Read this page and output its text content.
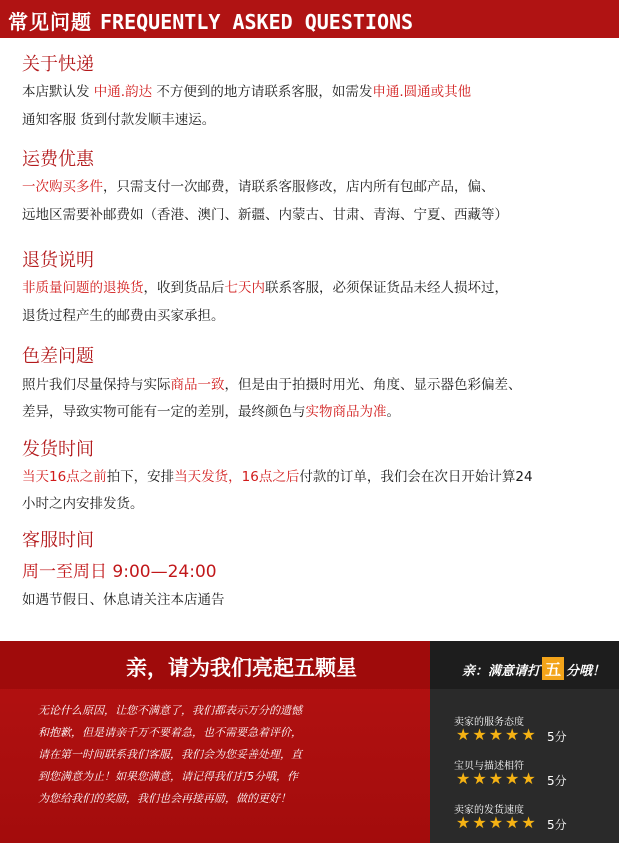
常见问题 FREQUENTLY ASKED QUESTIONS
关于快递
本店默认发 中通.韵达 不方便到的地方请联系客服，如需发申通.圆通或其他
通知客服 货到付款发顺丰速运。
运费优惠
一次购买多件，只需支付一次邮费，请联系客服修改，店内所有包邮产品，偏、
远地区需要补邮费如（香港、澳门、新疆、内蒙古、甘肃、青海、宁夏、西藏等）
退货说明
非质量问题的退换货，收到货品后七天内联系客服，必须保证货品未经人损坏过，
退货过程产生的邮费由买家承担。
色差问题
照片我们尽量保持与实际商品一致，但是由于拍摄时用光、角度、显示器色彩偏差、
差异，导致实物可能有一定的差别，最终颜色与实物商品为准。
发货时间
当天16点之前拍下，安排当天发货，16点之后付款的订单，我们会在次日开始计算24
小时之内安排发货。
客服时间
周一至周日 9:00—24:00
如遇节假日、休息请关注本店通告
亲，请为我们亮起五颗星
无论什么原因，让您不满意了，我们都表示万分的遗憾
和抱歉，但是请亲千万不要着急，也不需要急着评价，
请在第一时间联系我们客服，我们会为您妥善处理，直
到您满意为止！如果您满意，请记得我们打5分哦，作
为您给我们的奖励，我们也会再接再励，做的更好！
亲：满意请打 五 分哦！
卖家的服务态度
★★★★★ 5分
宝贝与描述相符
★★★★★ 5分
卖家的发货速度
★★★★★ 5分
